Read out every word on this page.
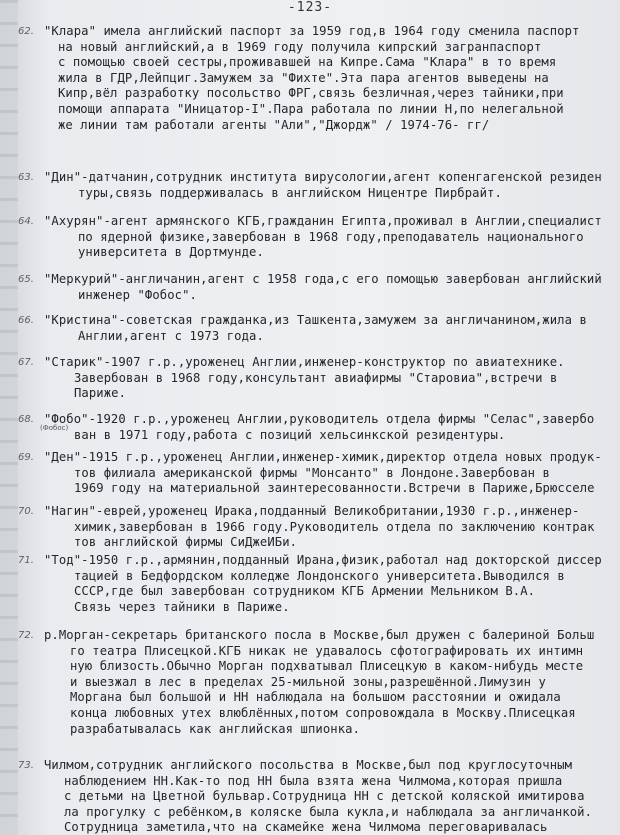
-123-
62. "Клара" имела английский паспорт за 1959 год,в 1964 году сменила паспорт
на новый английский,а в 1969 году получила кипрский загранпаспорт
с помощью своей сестры,проживавшей на Кипре.Сама "Клара" в то время
жила в ГДР,Лейпциг.Замужем за "Фихте".Эта пара агентов выведены на
Кипр,вёл разработку посольство ФРГ,связь безличная,через тайники,при
помощи аппарата "Иницатор-I".Пара работала по линии Н,по нелегальной
же линии там работали агенты "Али","Джордж" / 1974-76- гг/
63. "Дин"-датчанин,сотрудник института вирусологии,агент копенгагенской резиден
туры,связь поддерживалась в английском Ницентре Пирбрайт.
64. "Ахурян"-агент армянского КГБ,гражданин Египта,проживал в Англии,специалист
по ядерной физике,завербован в 1968 году,преподаватель национального
университета в Дортмунде.
65. "Меркурий"-англичанин,агент с 1958 года,с его помощью завербован английский
инженер "Фобос".
66. "Кристина"-советская гражданка,из Ташкента,замужем за англичанином,жила в
Англии,агент с 1973 года.
67. "Старик"-1907 г.р.,уроженец Англии,инженер-конструктор по авиатехнике.
Завербован в 1968 году,консультант авиафирмы "Старовиа",встречи в
Париже.
68.
(Фобос)
"Фобо"-1920 г.р.,уроженец Англии,руководитель отдела фирмы "Селас",завербо
ван в 1971 году,работа с позиций хельсинкской резидентуры.
69. "Ден"-1915 г.р.,уроженец Англии,инженер-химик,директор отдела новых продук-
тов филиала американской фирмы "Монсанто" в Лондоне.Завербован в
1969 году на материальной заинтересованности.Встречи в Париже,Брюсселе
70. "Нагин"-еврей,уроженец Ирака,подданный Великобритании,1930 г.р.,инженер-
химик,завербован в 1966 году.Руководитель отдела по заключению контрак
тов английской фирмы СиДжеИБи.
71. "Тод"-1950 г.р.,армянин,подданный Ирана,физик,работал над докторской диссер
тацией в Бедфордском колледже Лондонского университета.Выводился в
СССР,где был завербован сотрудником КГБ Армении Мельником В.А.
Связь через тайники в Париже.
72. р.Морган-секретарь британского посла в Москве,был дружен с балериной Больш
го театра Плисецкой.КГБ никак не удавалось сфотографировать их интимн
ную близость.Обычно Морган подхватывал Плисецкую в каком-нибудь месте
и выезжал в лес в пределах 25-мильной зоны,разрешённой.Лимузин у
Моргана был большой и НН наблюдала на большом расстоянии и ожидала
конца любовных утех влюблённых,потом сопровождала в Москву.Плисецкая
разрабатывалась как английская шпионка.
73. Чилмом,сотрудник английского посольства в Москве,был под круглосуточным
наблюдением НН.Как-то под НН была взята жена Чилмома,которая пришла
с детьми на Цветной бульвар.Сотрудница НН с детской коляской имитирова
ла прогулку с ребёнком,в коляске была кукла,и наблюдала за англичанкой.
Сотрудница заметила,что на скамейке жена Чилмома переговаривалась
